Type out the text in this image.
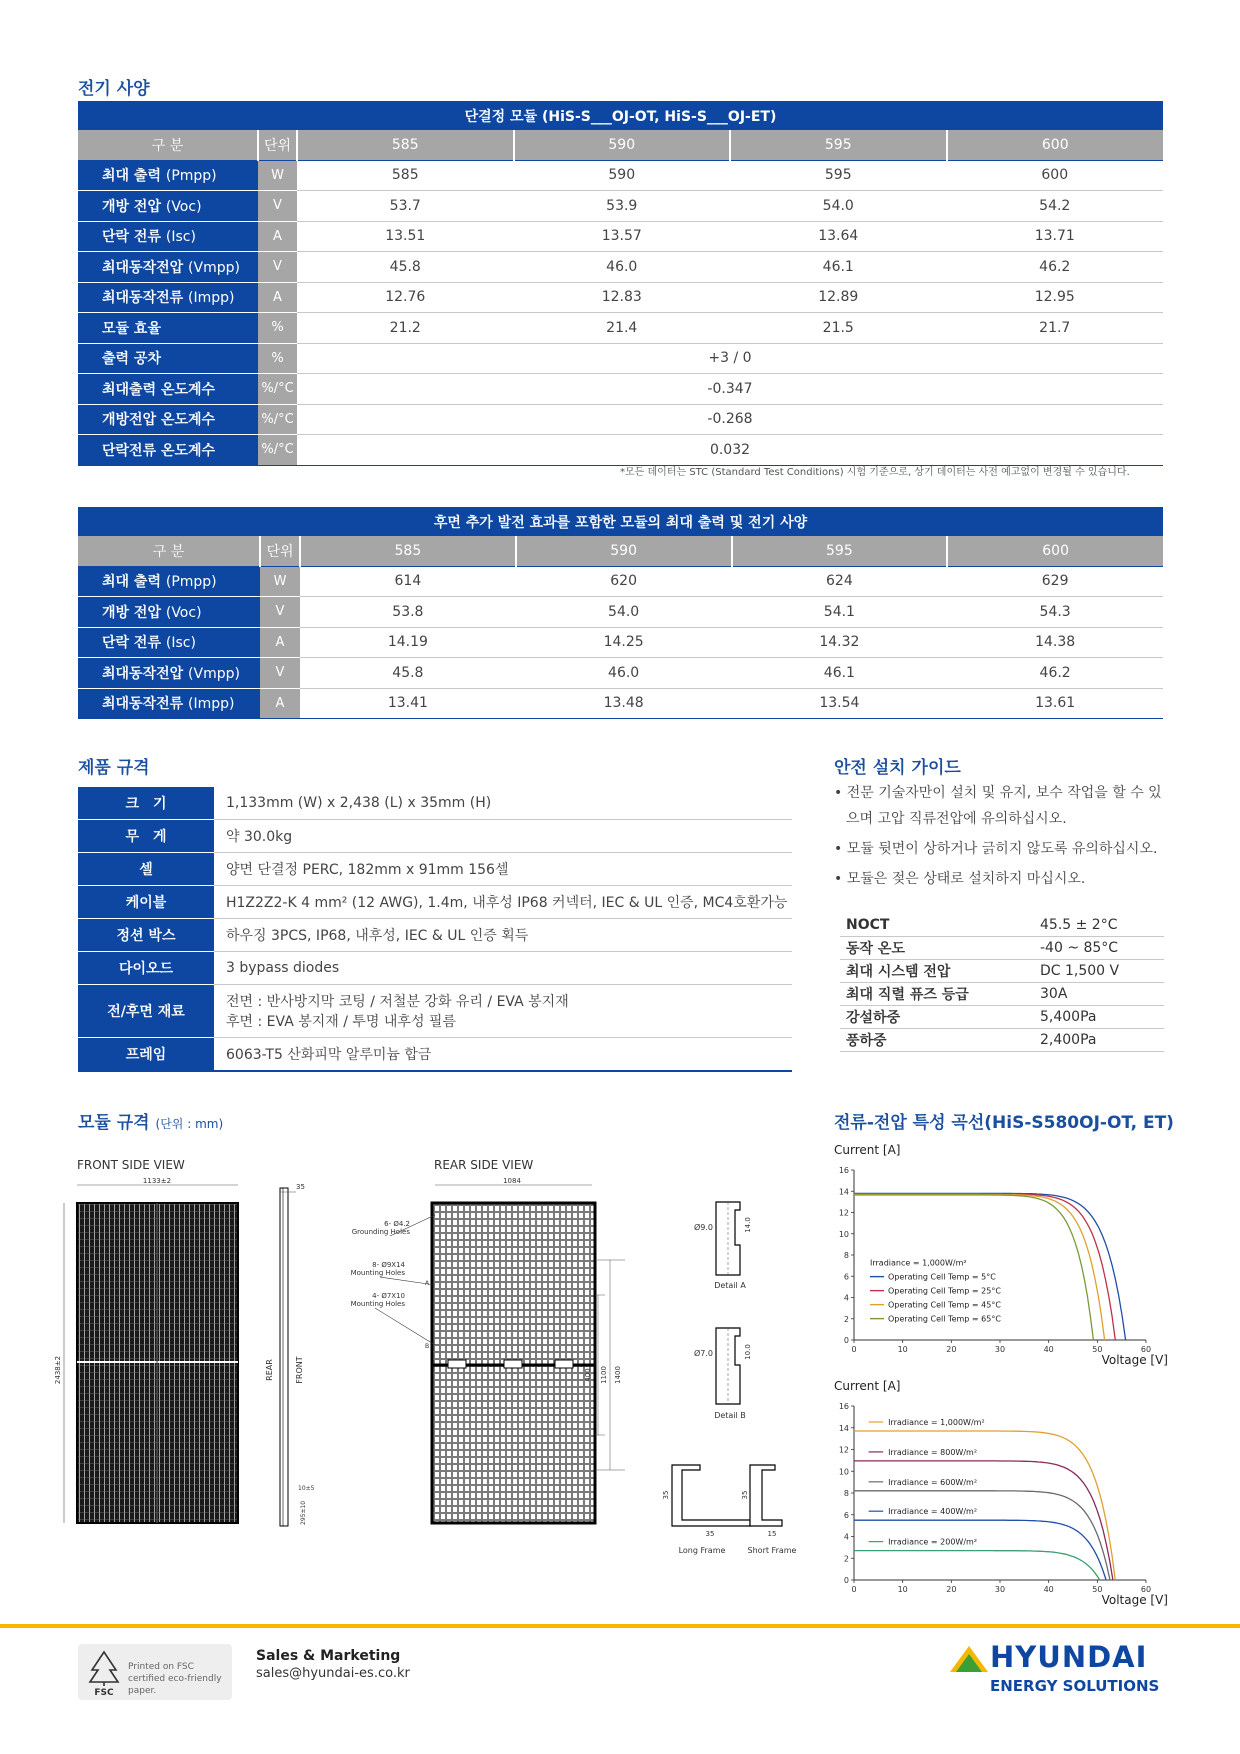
전기 사양
단결정 모듈 (HiS-S___OJ-OT, HiS-S___OJ-ET)					
구 분	단위	585	590	595	600
최대 출력 (Pmpp)	W	585	590	595	600
개방 전압 (Voc)	V	53.7	53.9	54.0	54.2
단락 전류 (Isc)	A	13.51	13.57	13.64	13.71
최대동작전압 (Vmpp)	V	45.8	46.0	46.1	46.2
최대동작전류 (Impp)	A	12.76	12.83	12.89	12.95
모듈 효율	%	21.2	21.4	21.5	21.7
출력 공차	%	+3 / 0			
최대출력 온도계수	%/°C	-0.347			
개방전압 온도계수	%/°C	-0.268			
단락전류 온도계수	%/°C	0.032			
*모든 데이터는 STC (Standard Test Conditions) 시험 기준으로, 상기 데이터는 사전 예고없이 변경될 수 있습니다.
후면 추가 발전 효과를 포함한 모듈의 최대 출력 및 전기 사양					
구 분	단위	585	590	595	600
최대 출력 (Pmpp)	W	614	620	624	629
개방 전압 (Voc)	V	53.8	54.0	54.1	54.3
단락 전류 (Isc)	A	14.19	14.25	14.32	14.38
최대동작전압 (Vmpp)	V	45.8	46.0	46.1	46.2
최대동작전류 (Impp)	A	13.41	13.48	13.54	13.61
제품 규격
크　기	1,133mm (W) x 2,438 (L) x 35mm (H)

무　게	약 30.0kg

셀	양면 단결정 PERC, 182mm x 91mm 156셀

케이블	H1Z2Z2-K 4 mm² (12 AWG), 1.4m, 내후성 IP68 커넥터, IEC & UL 인증, MC4호환가능

정션 박스	하우징 3PCS, IP68, 내후성, IEC & UL 인증 획득

다이오드	3 bypass diodes

전/후면 재료	전면 : 반사방지막 코팅 / 저철분 강화 유리 / EVA 봉지재
후면 : EVA 봉지재 / 투명 내후성 필름

프레임	6063-T5 산화피막 알루미늄 합금
안전 설치 가이드
• 전문 기술자만이 설치 및 유지, 보수 작업을 할 수 있으며 고압 직류전압에 유의하십시오.
• 모듈 뒷면이 상하거나 긁히지 않도록 유의하십시오.
• 모듈은 젖은 상태로 설치하지 마십시오.
NOCT	45.5 ± 2°C
동작 온도	-40 ~ 85°C
최대 시스템 전압	DC 1,500 V
최대 직렬 퓨즈 등급	30A
강설하중	5,400Pa
풍하중	2,400Pa
모듈 규격 (단위 : mm)
FRONT SIDE VIEW	REAR SIDE VIEW
1133±2
2438±2
35
REAR	FRONT
10±5
295±10
1084
400 1100 1400
6- Ø4.2
Grounding Holes
8- Ø9X14
Mounting Holes
4- Ø7X10
Mounting Holes
A
B
Ø9.0	14.0
Detail A
Ø7.0	10.0
Detail B
35
35
Long Frame
35
15
Short Frame
전류-전압 특성 곡선(HiS-S580OJ-OT, ET)
Current [A]
Voltage [V]
0
2
4
6
8
10
12
14
16
0	10	20	30	40	50	60
Irradiance = 1,000W/m²
Operating Cell Temp = 5°C
Operating Cell Temp = 25°C
Operating Cell Temp = 45°C
Operating Cell Temp = 65°C
Current [A]
Voltage [V]
0
2
4
6
8
10
12
14
16
0	10	20	30	40	50	60
Irradiance = 1,000W/m²
Irradiance = 800W/m²
Irradiance = 600W/m²
Irradiance = 400W/m²
Irradiance = 200W/m²
FSC
Printed on FSC certified eco-friendly paper.
Sales & Marketing
sales@hyundai-es.co.kr	HYUNDAI
ENERGY SOLUTIONS
